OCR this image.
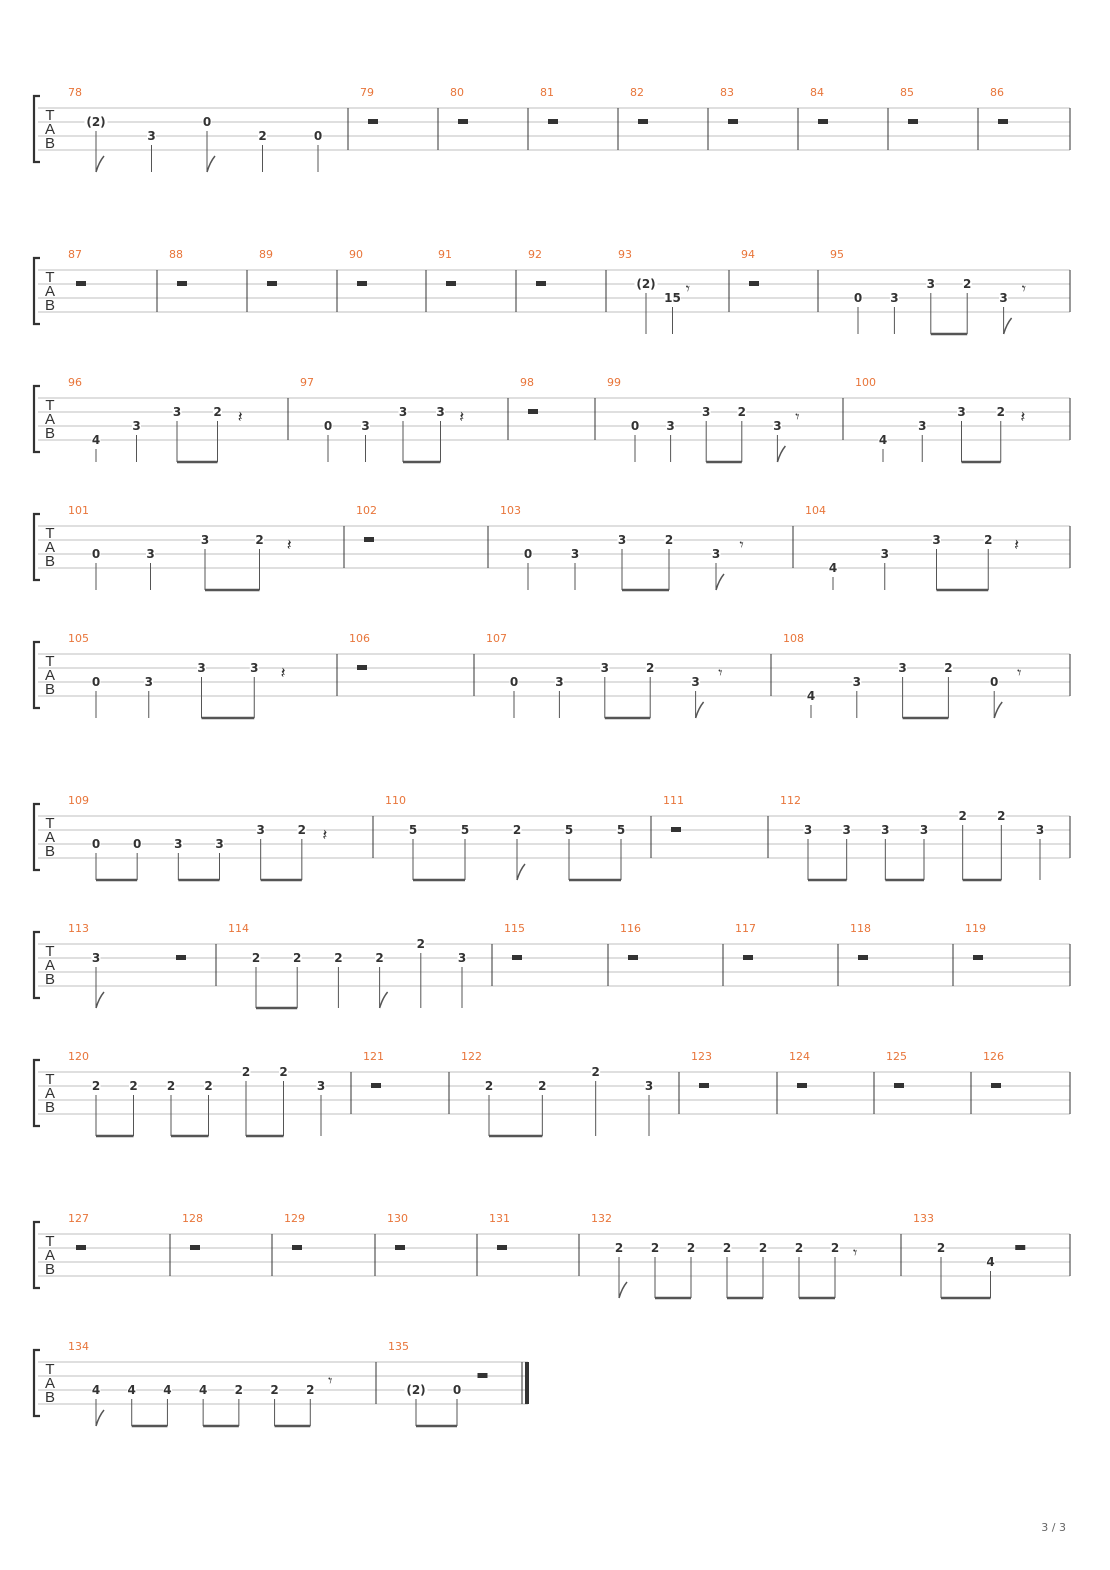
T
A
B
78
(2)
3
0
2	0
79	80	81	82	83	84	85	86
T
A
B
87	88	89	90	91	92	93
(2)
15 𝄾
94	95
0 3
3 2
3 𝄾
T
A
B
96
4
3
3	2 𝄽
97
0 3
3 3 𝄽
98	99
0 3
3 2
3 𝄾
100
4
3
3	2 𝄽
T
A
B
101
0	3
3	2 𝄽
102	103
0	3
3	2
3 𝄾
104
4
3
3	2 𝄽
T
A
B
105
0	3
3	3 𝄽
106	107
0	3
3	2
3 𝄾
108
4
3
3	2
0 𝄾
T
A
B
109
0	0	3	3
3	2 𝄽
110
5	5	2	5	5
111	112
3	3	3	3
2	2
3
T
A
B
113
3
114
2	2	2	2
2
3
115	116	117	118	119
T
A
B
120
2 2 2 2
2 2
3
121	122
2	2
2
3
123	124	125	126
T
A
B
127	128	129	130	131	132
2 2 2 2 2 2 2 𝄾
133
2
4
T
A
B
134
4 4 4 4 2 2 2 𝄾
135
(2) 0
3 / 3
